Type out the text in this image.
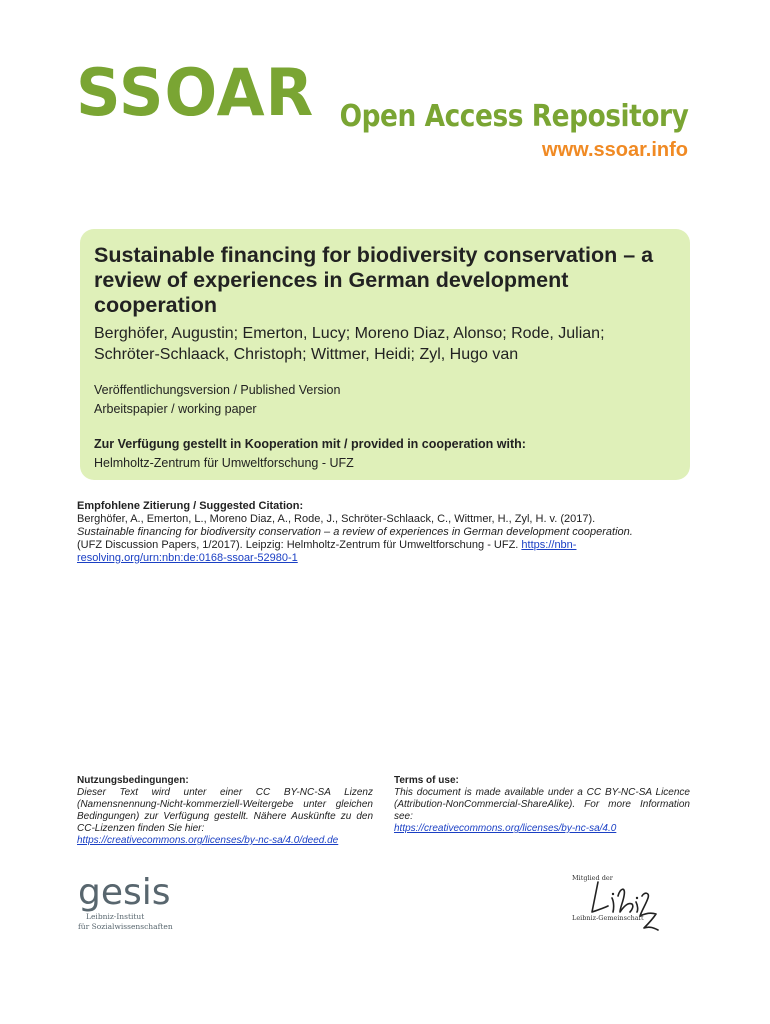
SSOAR Open Access Repository
www.ssoar.info
Sustainable financing for biodiversity conservation – a review of experiences in German development cooperation
Berghöfer, Augustin; Emerton, Lucy; Moreno Diaz, Alonso; Rode, Julian;
Schröter-Schlaack, Christoph; Wittmer, Heidi; Zyl, Hugo van
Veröffentlichungsversion / Published Version
Arbeitspapier / working paper
Zur Verfügung gestellt in Kooperation mit / provided in cooperation with:
Helmholtz-Zentrum für Umweltforschung - UFZ
Empfohlene Zitierung / Suggested Citation:
Berghöfer, A., Emerton, L., Moreno Diaz, A., Rode, J., Schröter-Schlaack, C., Wittmer, H., Zyl, H. v. (2017).
Sustainable financing for biodiversity conservation – a review of experiences in German development cooperation.
(UFZ Discussion Papers, 1/2017). Leipzig: Helmholtz-Zentrum für Umweltforschung - UFZ. https://nbn-resolving.org/urn:nbn:de:0168-ssoar-52980-1
Nutzungsbedingungen:
Dieser Text wird unter einer CC BY-NC-SA Lizenz (Namensnennung-Nicht-kommerziell-Weitergebe unter gleichen Bedingungen) zur Verfügung gestellt. Nähere Auskünfte zu den CC-Lizenzen finden Sie hier:
https://creativecommons.org/licenses/by-nc-sa/4.0/deed.de
Terms of use:
This document is made available under a CC BY-NC-SA Licence (Attribution-NonCommercial-ShareAlike). For more Information see:
https://creativecommons.org/licenses/by-nc-sa/4.0
gesis
Leibniz-Institut
für Sozialwissenschaften
Mitglied der
Leibniz-Gemeinschaft
